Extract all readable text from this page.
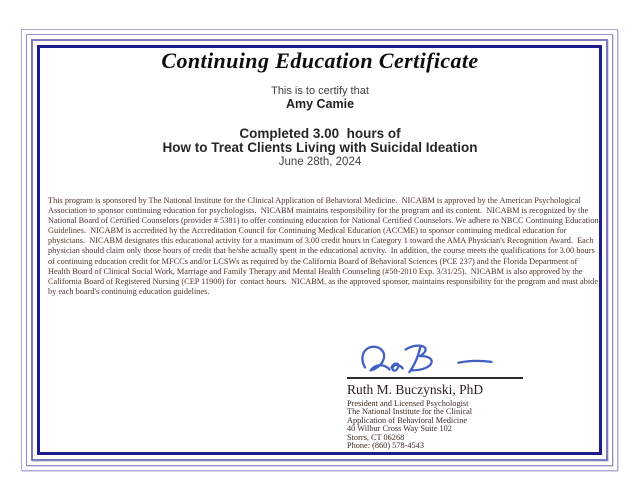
Continuing Education Certificate
This is to certify that
Amy Camie
Completed 3.00  hours of
How to Treat Clients Living with Suicidal Ideation
June 28th, 2024
This program is sponsored by The National Institute for the Clinical Application of Behavioral Medicine.  NICABM is approved by the American Psychological Association to sponsor continuing education for psychologists.  NICABM maintains responsibility for the program and its content.  NICABM is recognized by the National Board of Certified Counselors (provider # 5381) to offer continuing education for National Certified Counselors. We adhere to NBCC Continuing Education Guidelines.  NICABM is accredited by the Accreditation Council for Continuing Medical Education (ACCME) to sponsor continuing medical education for physicians.  NICABM designates this educational activity for a maximum of 3.00 credit hours in Category 1 toward the AMA Physician's Recognition Award.  Each physician should claim only those hours of credit that he/she actually spent in the educational activity.  In addition, the course meets the qualifications for 3.00 hours of continuing education credit for MFCCs and/or LCSWs as required by the California Board of Behavioral Sciences (PCE 237) and the Florida Department of Health Board of Clinical Social Work, Marriage and Family Therapy and Mental Health Counseling (#50-2010 Exp. 3/31/25).  NICABM is also approved by the California Board of Registered Nursing (CEP 11900) for  contact hours.  NICABM, as the approved sponsor, maintains responsibility for the program and must abide by each board's continuing education guidelines.
Ruth M. Buczynski, PhD
President and Licensed Psychologist
The National Institute for the Clinical
Application of Behavioral Medicine
40 Wilbur Cross Way Suite 102
Storrs, CT 06268
Phone: (860) 578-4543
